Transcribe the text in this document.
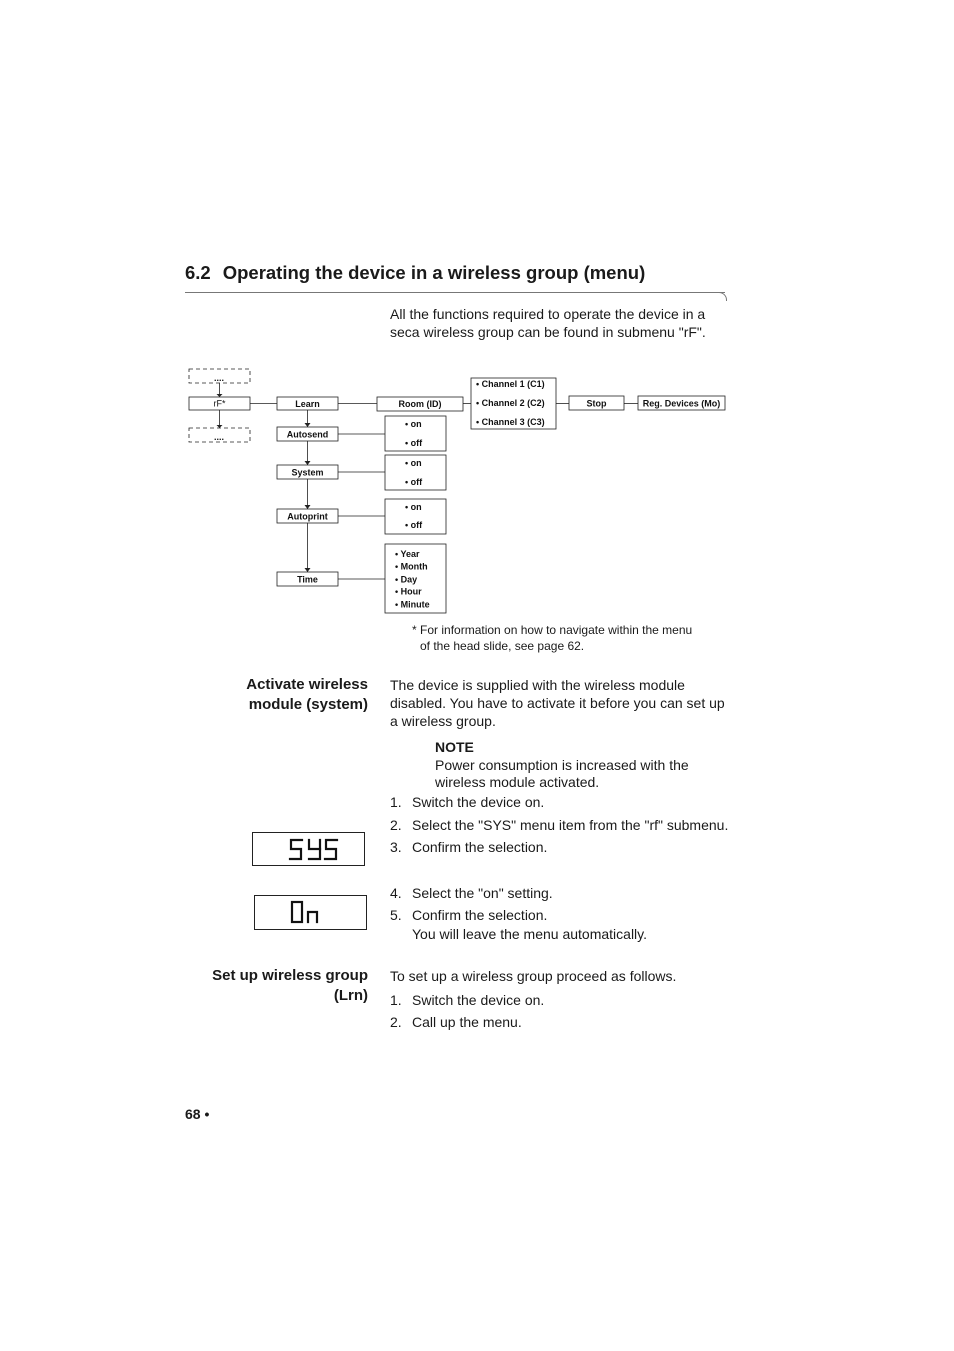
6.2 Operating the device in a wireless group (menu)
All the functions required to operate the device in a seca wireless group can be found in submenu "rF".
....
....
rF*	Learn
Autosend
System
Autoprint
Time
Room (ID)
• Channel 1 (C1)
• Channel 2 (C2)
• Channel 3 (C3)
Stop	Reg. Devices (Mo)
• on
• off
• on
• off
• on
• off
• Year
• Month
• Day
• Hour
• Minute
* For information on how to navigate within the menu
of the head slide, see page 62.
Activate wireless
module (system)
The device is supplied with the wireless module disabled. You have to activate it before you can set up a wireless group.
NOTE
Power consumption is increased with the wireless module activated.
1. Switch the device on.
2. Select the "SYS" menu item from the "rf" submenu.
3. Confirm the selection.
4. Select the "on" setting.
5. Confirm the selection.
You will leave the menu automatically.
Set up wireless group
(Lrn)
To set up a wireless group proceed as follows.
1. Switch the device on.
2. Call up the menu.
68 •
